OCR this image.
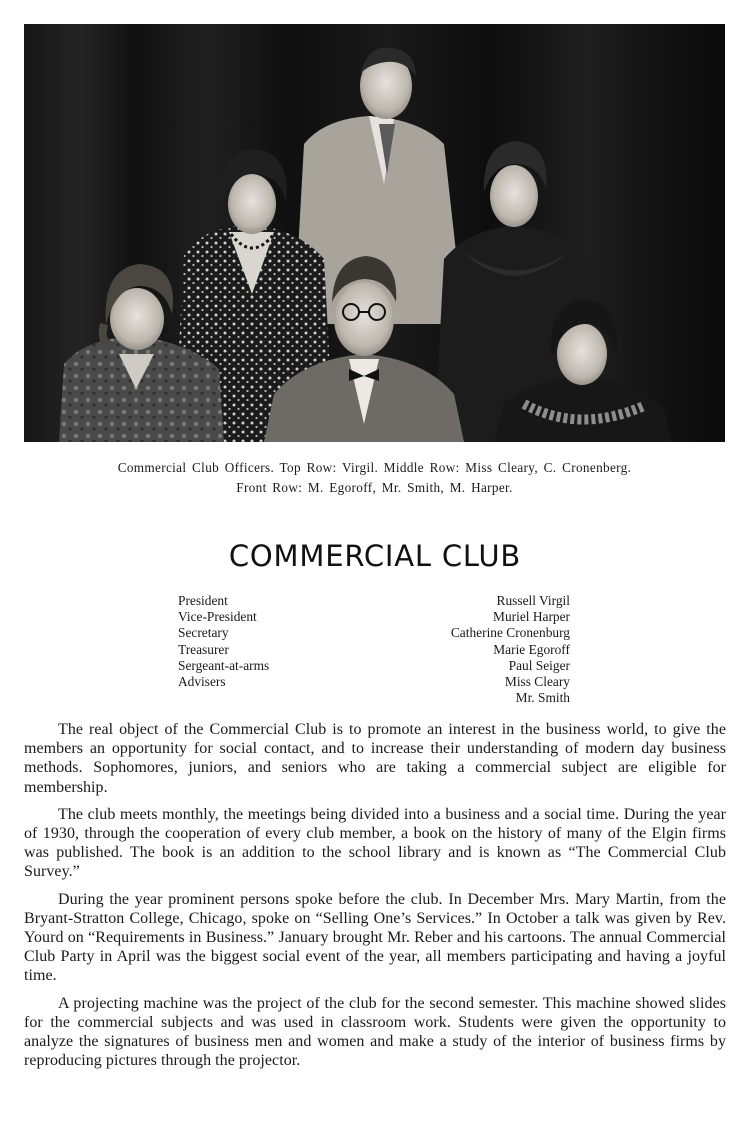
Commercial Club Officers. Top Row: Virgil. Middle Row: Miss Cleary, C. Cronenberg.
Front Row: M. Egoroff, Mr. Smith, M. Harper.
COMMERCIAL CLUB
President	Russell Virgil
Vice-President	Muriel Harper
Secretary	Catherine Cronenburg
Treasurer	Marie Egoroff
Sergeant-at-arms	Paul Seiger
Advisers	Miss Cleary
Mr. Smith

The real object of the Commercial Club is to promote an interest in the business world, to give the members an opportunity for social contact, and to increase their understanding of modern day business methods. Sophomores, juniors, and seniors who are taking a commercial subject are eligible for membership.

The club meets monthly, the meetings being divided into a business and a social time. During the year of 1930, through the cooperation of every club member, a book on the history of many of the Elgin firms was published. The book is an addition to the school library and is known as “The Commercial Club Survey.”

During the year prominent persons spoke before the club. In December Mrs. Mary Martin, from the Bryant-Stratton College, Chicago, spoke on “Selling One’s Services.” In October a talk was given by Rev. Yourd on “Requirements in Business.” January brought Mr. Reber and his cartoons. The annual Commercial Club Party in April was the biggest social event of the year, all members participating and having a joyful time.

A projecting machine was the project of the club for the second semester. This machine showed slides for the commercial subjects and was used in classroom work. Students were given the opportunity to analyze the signatures of business men and women and make a study of the interior of business firms by reproducing pictures through the projector.
